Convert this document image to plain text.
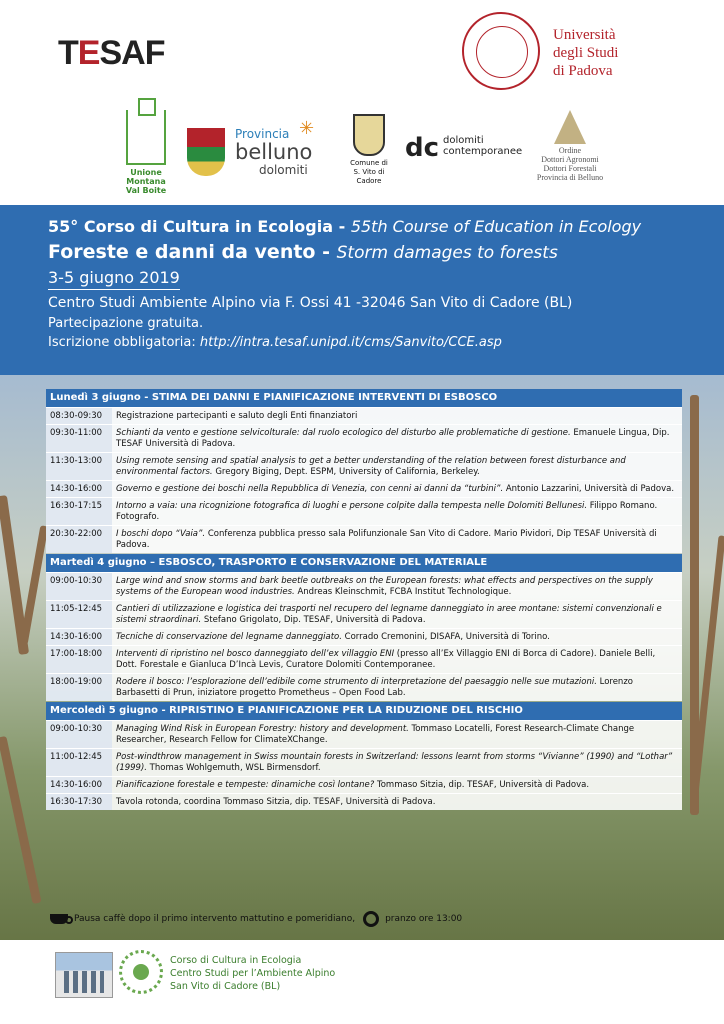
TESAF	Università
degli Studi
di Padova
Unione Montana
Val Boite
Provincia
belluno
dolomiti
✳
Comune di
S. Vito di Cadore
dc dolomiti
contemporanee	Ordine
Dottori Agronomi
Dottori Forestali
Provincia di Belluno
55° Corso di Cultura in Ecologia - 55th Course of Education in Ecology
Foreste e danni da vento - Storm damages to forests
3-5 giugno 2019
Centro Studi Ambiente Alpino via F. Ossi 41 -32046 San Vito di Cadore (BL)
Partecipazione gratuita.
Iscrizione obbligatoria: http://intra.tesaf.unipd.it/cms/Sanvito/CCE.asp
Lunedì 3 giugno - STIMA DEI DANNI E PIANIFICAZIONE INTERVENTI DI ESBOSCO
08:30-09:30	Registrazione partecipanti e saluto degli Enti finanziatori
09:30-11:00	Schianti da vento e gestione selvicolturale: dal ruolo ecologico del disturbo alle problematiche di gestione. Emanuele Lingua, Dip. TESAF Università di Padova.
11:30-13:00	Using remote sensing and spatial analysis to get a better understanding of the relation between forest disturbance and environmental factors. Gregory Biging, Dept. ESPM, University of California, Berkeley.
14:30-16:00	Governo e gestione dei boschi nella Repubblica di Venezia, con cenni ai danni da “turbini”. Antonio Lazzarini, Università di Padova.
16:30-17:15	Intorno a vaia: una ricognizione fotografica di luoghi e persone colpite dalla tempesta nelle Dolomiti Bellunesi. Filippo Romano. Fotografo.
20:30-22:00	I boschi dopo “Vaia”. Conferenza pubblica presso sala Polifunzionale San Vito di Cadore. Mario Pividori, Dip TESAF Università di Padova.
Martedì 4 giugno – ESBOSCO, TRASPORTO E CONSERVAZIONE DEL MATERIALE
09:00-10:30	Large wind and snow storms and bark beetle outbreaks on the European forests: what effects and perspectives on the supply systems of the European wood industries. Andreas Kleinschmit, FCBA Institut Technologique.
11:05-12:45	Cantieri di utilizzazione e logistica dei trasporti nel recupero del legname danneggiato in aree montane: sistemi convenzionali e sistemi straordinari. Stefano Grigolato, Dip. TESAF, Università di Padova.
14:30-16:00	Tecniche di conservazione del legname danneggiato. Corrado Cremonini, DISAFA, Università di Torino.
17:00-18:00	Interventi di ripristino nel bosco danneggiato dell’ex villaggio ENI (presso all’Ex Villaggio ENI di Borca di Cadore). Daniele Belli, Dott. Forestale e Gianluca D’Incà Levis, Curatore Dolomiti Contemporanee.
18:00-19:00	Rodere il bosco: l’esplorazione dell’edibile come strumento di interpretazione del paesaggio nelle sue mutazioni. Lorenzo Barbasetti di Prun, iniziatore progetto Prometheus – Open Food Lab.
Mercoledì 5 giugno - RIPRISTINO E PIANIFICAZIONE PER LA RIDUZIONE DEL RISCHIO
09:00-10:30	Managing Wind Risk in European Forestry: history and development. Tommaso Locatelli, Forest Research-Climate Change Researcher, Research Fellow for ClimateXChange.
11:00-12:45	Post-windthrow management in Swiss mountain forests in Switzerland: lessons learnt from storms “Vivianne” (1990) and “Lothar” (1999). Thomas Wohlgemuth, WSL Birmensdorf.
14:30-16:00	Pianificazione forestale e tempeste: dinamiche così lontane? Tommaso Sitzia, dip. TESAF, Università di Padova.
16:30-17:30	Tavola rotonda, coordina Tommaso Sitzia, dip. TESAF, Università di Padova.
Pausa caffè dopo il primo intervento mattutino e pomeridiano,	pranzo ore 13:00
Corso di Cultura in Ecologia
Centro Studi per l’Ambiente Alpino
San Vito di Cadore (BL)
